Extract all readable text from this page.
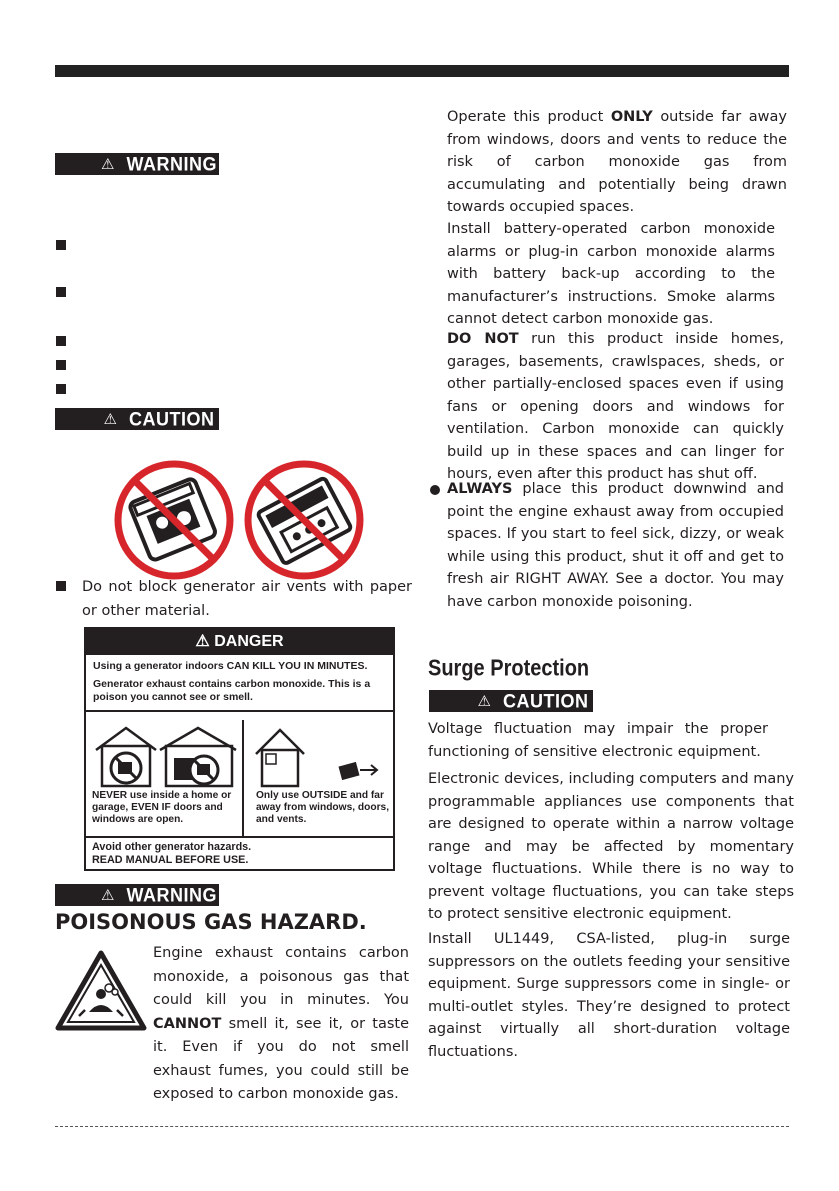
⚠ WARNING
⚠ CAUTION
Do not block generator air vents with paper or other material.
⚠ DANGER
Using a generator indoors CAN KILL YOU IN MINUTES.
Generator exhaust contains carbon monoxide. This is a poison you cannot see or smell.
NEVER use inside a home or garage, EVEN IF doors and windows are open.
Only use OUTSIDE and far away from windows, doors, and vents.
Avoid other generator hazards.
READ MANUAL BEFORE USE.
⚠ WARNING
POISONOUS GAS HAZARD.
Engine exhaust contains carbon monoxide, a poisonous gas that could kill you in minutes. You CANNOT smell it, see it, or taste it. Even if you do not smell exhaust fumes, you could still be exposed to carbon monoxide gas.
Operate this product ONLY outside far away from windows, doors and vents to reduce the risk of carbon monoxide gas from accumulating and potentially being drawn towards occupied spaces.
Install battery-operated carbon monoxide alarms or plug-in carbon monoxide alarms with battery back-up according to the manufacturer’s instructions. Smoke alarms cannot detect carbon monoxide gas.
DO NOT run this product inside homes, garages, basements, crawlspaces, sheds, or other partially-enclosed spaces even if using fans or opening doors and windows for ventilation. Carbon monoxide can quickly build up in these spaces and can linger for hours, even after this product has shut off.
ALWAYS place this product downwind and point the engine exhaust away from occupied spaces. If you start to feel sick, dizzy, or weak while using this product, shut it off and get to fresh air RIGHT AWAY. See a doctor. You may have carbon monoxide poisoning.
Surge Protection
⚠ CAUTION
Voltage fluctuation may impair the proper functioning of sensitive electronic equipment.
Electronic devices, including computers and many programmable appliances use components that are designed to operate within a narrow voltage range and may be affected by momentary voltage fluctuations. While there is no way to prevent voltage fluctuations, you can take steps to protect sensitive electronic equipment.
Install UL1449, CSA-listed, plug-in surge suppressors on the outlets feeding your sensitive equipment. Surge suppressors come in single- or multi-outlet styles. They’re designed to protect against virtually all short-duration voltage fluctuations.
